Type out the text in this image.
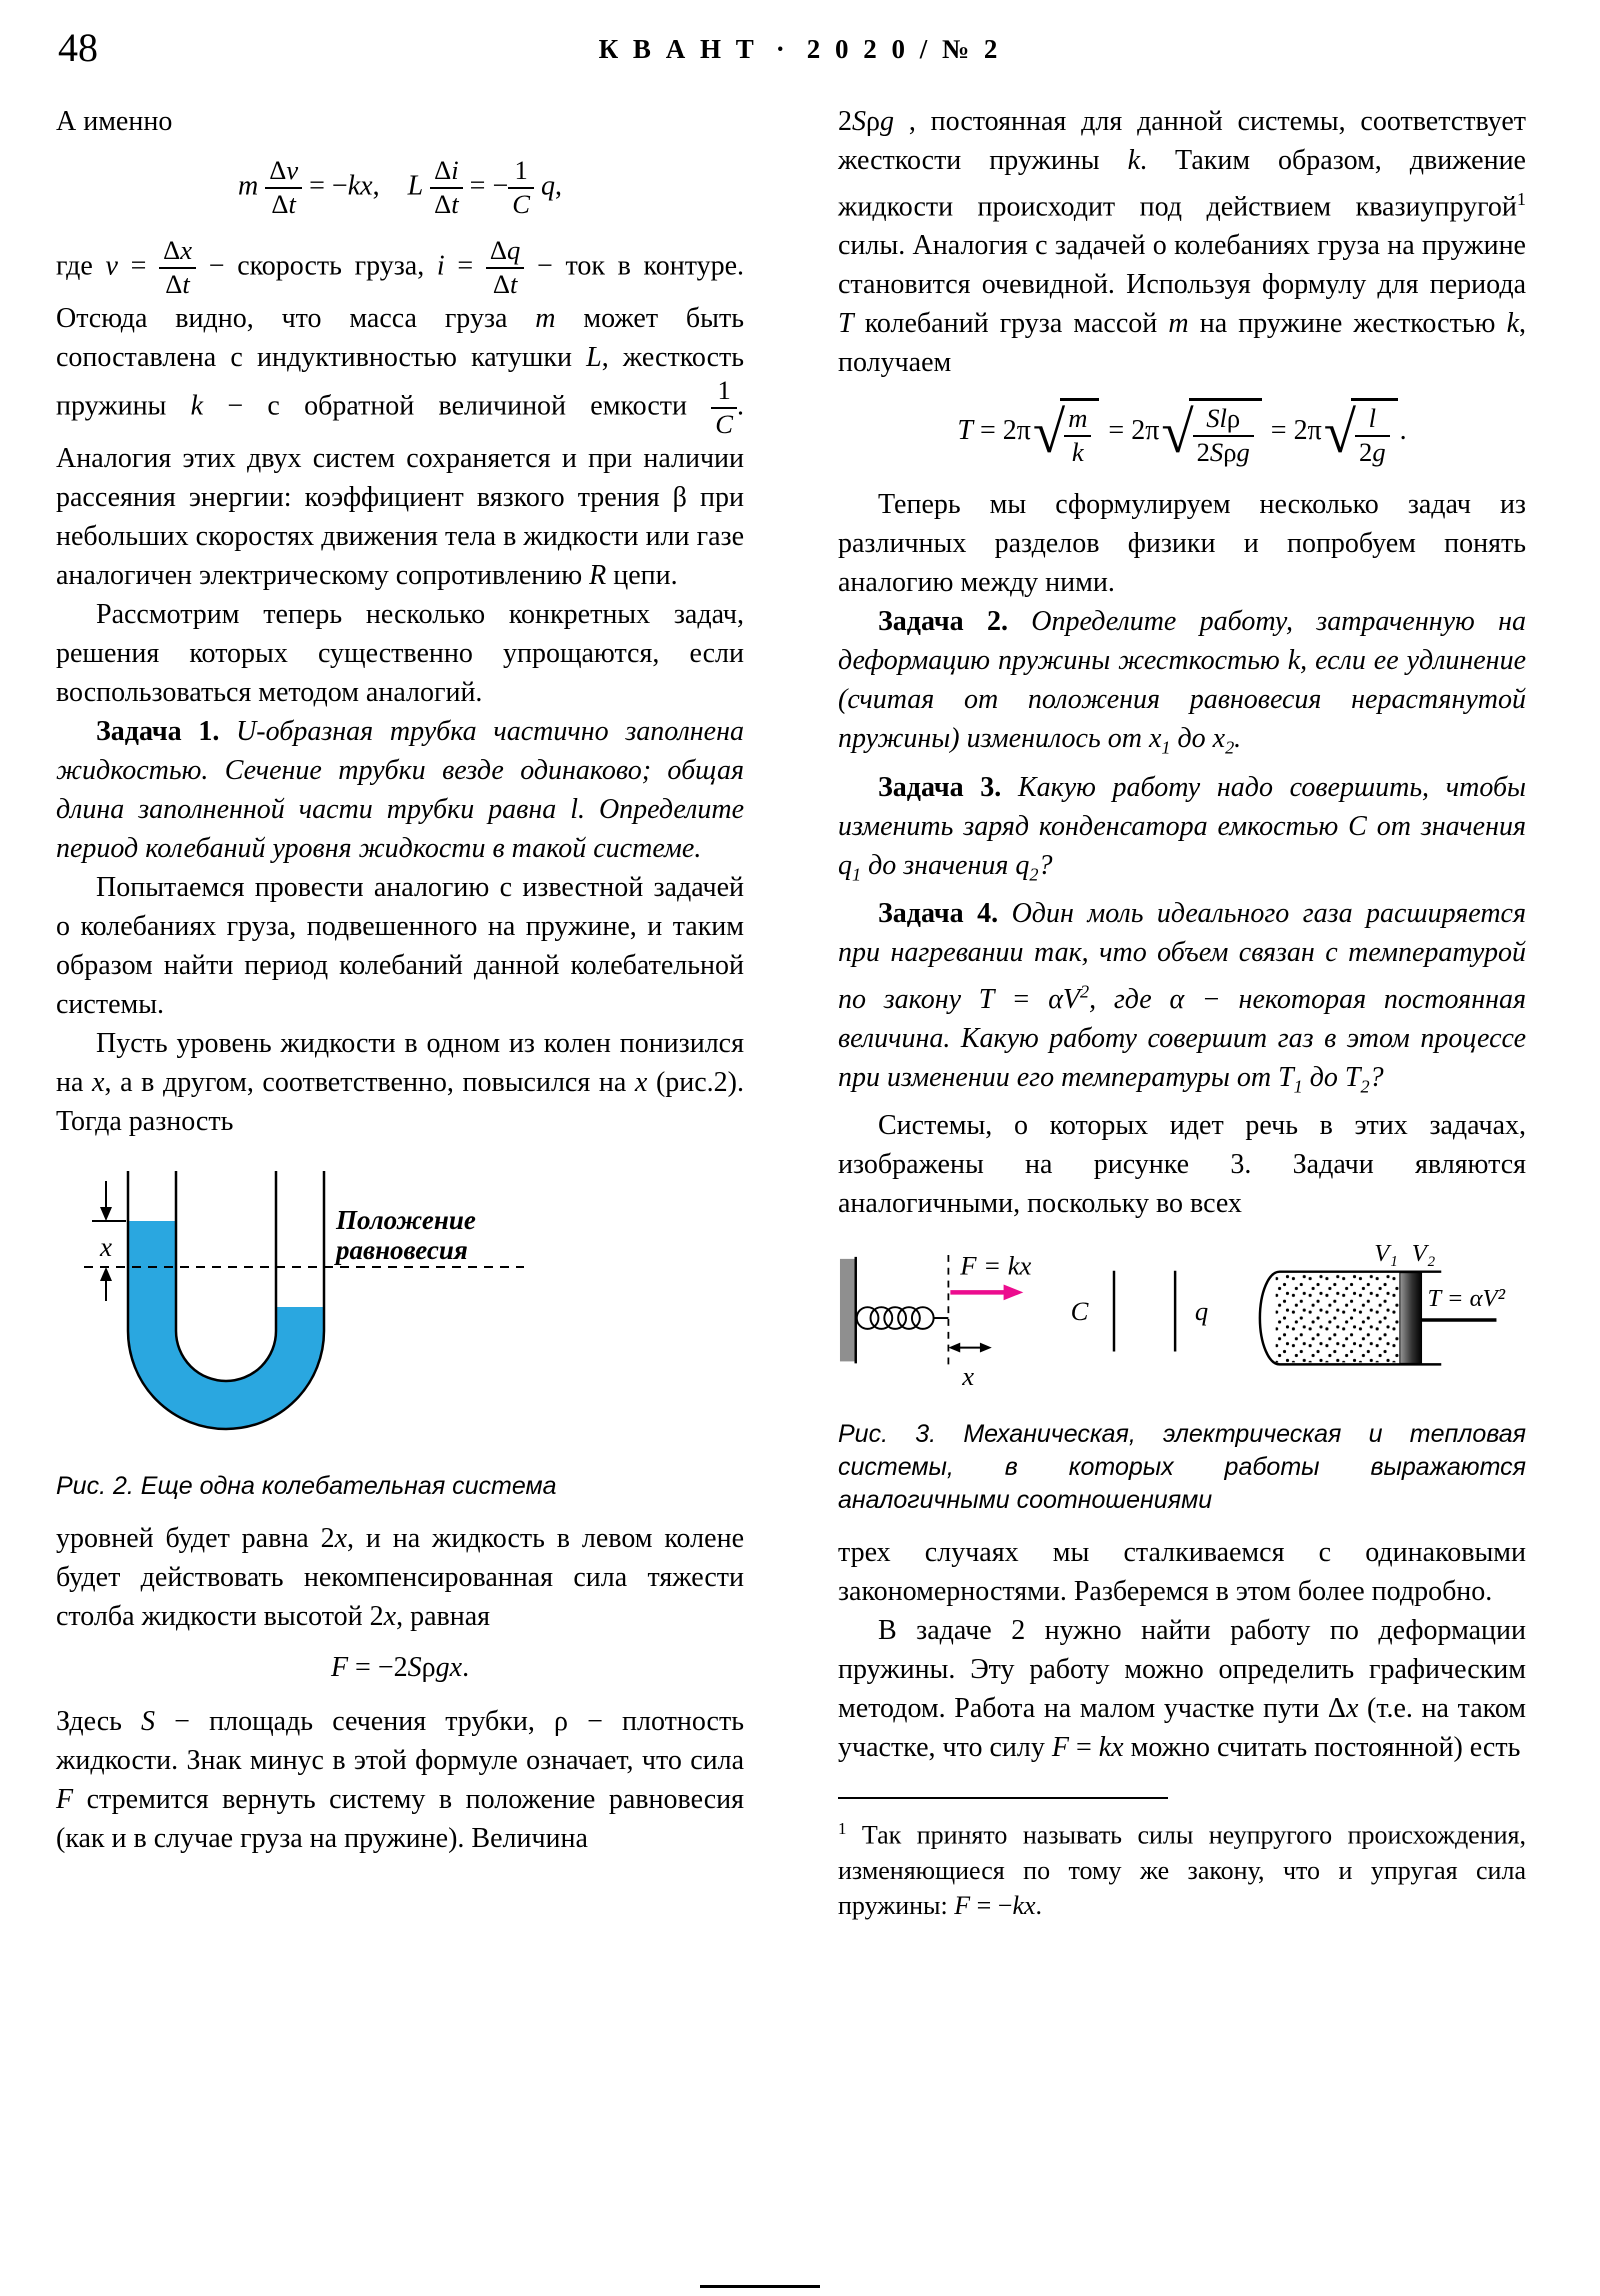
48	К В А Н Т · 2 0 2 0 / № 2

А именно

m $\frac{\Delta v}{\Delta t} = -kx$,    L $\frac{\Delta i}{\Delta t}$ = − $\frac{1}{C} q$,

где $v = \frac{\Delta x}{\Delta t}$ − скорость груза, $i = \frac{\Delta q}{\Delta t}$ − ток в контуре. Отсюда видно, что масса груза m может быть сопоставлена с индуктивностью катушки L, жесткость пружины k − с обратной величиной емкости $\frac{1}{C}$ . Аналогия этих двух систем сохраняется и при наличии рассеяния энергии: коэффициент вязкого трения β при небольших скоростях движения тела в жидкости или газе аналогичен электрическому сопротивлению R цепи.

Рассмотрим теперь несколько конкретных задач, решения которых существенно упрощаются, если воспользоваться методом аналогий.

Задача 1. U-образная трубка частично заполнена жидкостью. Сечение трубки везде одинаково; общая длина заполненной части трубки равна l. Определите период колебаний уровня жидкости в такой системе.

Попытаемся провести аналогию с известной задачей о колебаниях груза, подвешенного на пружине, и таким образом найти период колебаний данной колебательной системы.

Пусть уровень жидкости в одном из колен понизился на x, а в другом, соответственно, повысился на x (рис.2). Тогда разность

x
Положение
равновесия
Рис. 2. Еще одна колебательная система

уровней будет равна 2x, и на жидкость в левом колене будет действовать некомпенсированная сила тяжести столба жидкости высотой 2x, равная

F = −2Sρgx.

Здесь S − площадь сечения трубки, ρ − плотность жидкости. Знак минус в этой формуле означает, что сила F стремится вернуть систему в положение равновесия (как и в случае груза на пружине). Величина

2Sρg , постоянная для данной системы, соответствует жесткости пружины k. Таким образом, движение жидкости происходит под действием квазиупругой$^1$ силы. Аналогия с задачей о колебаниях груза на пружине становится очевидной. Используя формулу для периода T колебаний груза массой m на пружине жесткостью k, получаем

$T = 2\pi√ \frac{m}{k} = 2\pi√ \frac{\text{Slρ}}{\text{2Sρg}} = 2\pi√ \frac{l}{2g}$ .

Теперь мы сформулируем несколько задач из различных разделов физики и попробуем понять аналогию между ними.

Задача 2. Определите работу, затраченную на деформацию пружины жесткостью k, если ее удлинение (считая от положения равновесия нерастянутой пружины) изменилось от $x_1$ до $x_2$.

Задача 3. Какую работу надо совершить, чтобы изменить заряд конденсатора емкостью C от значения $q_1$ до значения $q_2$?

Задача 4. Один моль идеального газа расширяется при нагревании так, что объем связан с температурой по закону $T = \alpha V^2$, где α − некоторая постоянная величина. Какую работу совершит газ в этом процессе при изменении его температуры от $T_1$ до $T_2$?

Системы, о которых идет речь в этих задачах, изображены на рисунке 3. Задачи являются аналогичными, поскольку во всех

F = kx
x
C	q
V₁ V₂
T = αV²
Рис. 3. Механическая, электрическая и тепловая системы, в которых работы выражаются аналогичными соотношениями

трех случаях мы сталкиваемся с одинаковыми закономерностями. Разберемся в этом более подробно.

В задаче 2 нужно найти работу по деформации пружины. Эту работу можно определить графическим методом. Работа на малом участке пути Δx (т.е. на таком участке, что силу F = kx можно считать постоянной) есть

$^1$ Так принято называть силы неупругого происхождения, изменяющиеся по тому же закону, что и упругая сила пружины: F = −kx.
